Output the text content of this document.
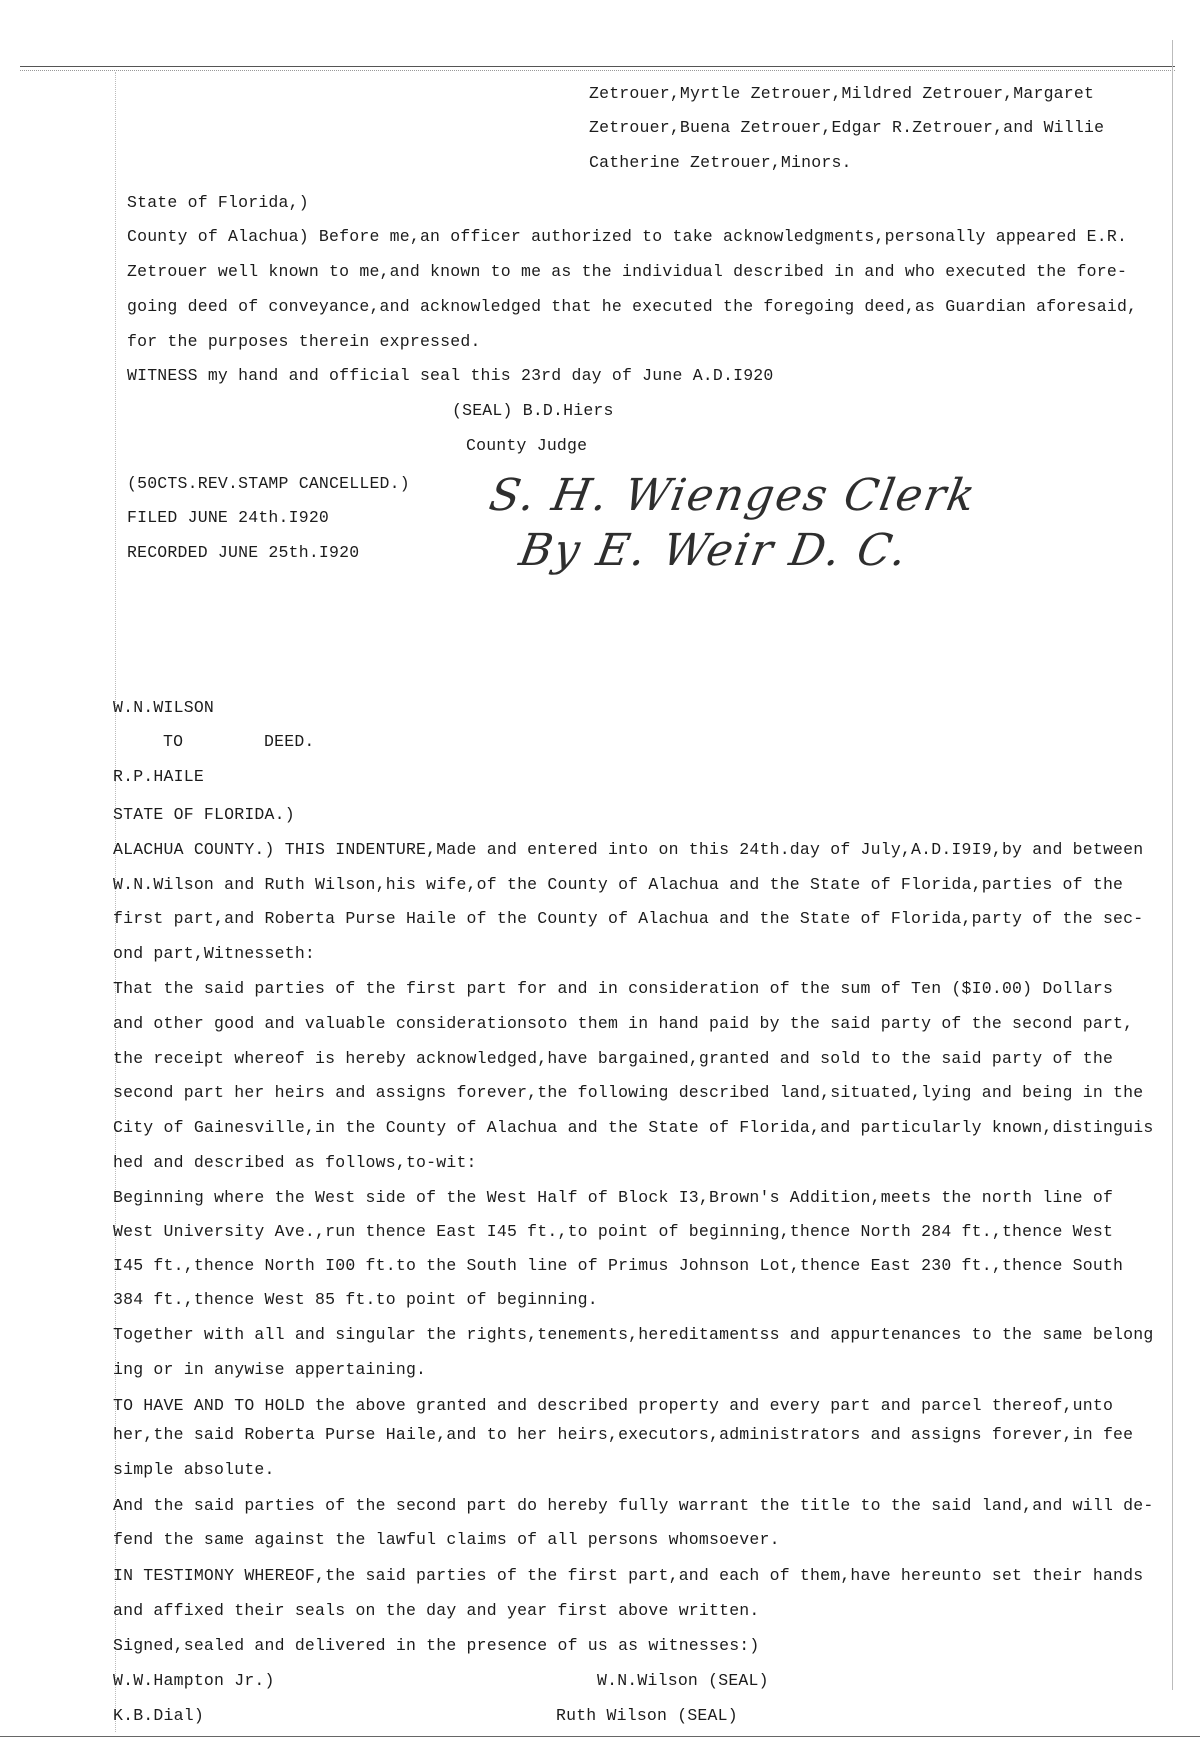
Zetrouer,Myrtle Zetrouer,Mildred Zetrouer,Margaret
Zetrouer,Buena Zetrouer,Edgar R.Zetrouer,and Willie
Catherine Zetrouer,Minors.
State of Florida,)
County of Alachua) Before me,an officer authorized to take acknowledgments,personally appeared E.R.
Zetrouer well known to me,and known to me as the individual described in and who executed the fore-
going deed of conveyance,and acknowledged that he executed the foregoing deed,as Guardian aforesaid,
for the purposes therein expressed.
WITNESS my hand and official seal this 23rd day of June A.D.I920
(SEAL) B.D.Hiers
County Judge
(50CTS.REV.STAMP CANCELLED.)
FILED JUNE 24th.I920
RECORDED JUNE 25th.I920
S. H. Wienges Clerk
By E. Weir D. C.
W.N.WILSON
TO        DEED.
R.P.HAILE
STATE OF FLORIDA.)
ALACHUA COUNTY.) THIS INDENTURE,Made and entered into on this 24th.day of July,A.D.I9I9,by and between
W.N.Wilson and Ruth Wilson,his wife,of the County of Alachua and the State of Florida,parties of the
first part,and Roberta Purse Haile of the County of Alachua and the State of Florida,party of the sec-
ond part,Witnesseth:
That the said parties of the first part for and in consideration of the sum of Ten ($I0.00) Dollars
and other good and valuable considerationsoto them in hand paid by the said party of the second part,
the receipt whereof is hereby acknowledged,have bargained,granted and sold to the said party of the
second part her heirs and assigns forever,the following described land,situated,lying and being in the
City of Gainesville,in the County of Alachua and the State of Florida,and particularly known,distinguis
hed and described as follows,to-wit:
Beginning where the West side of the West Half of Block I3,Brown's Addition,meets the north line of
West University Ave.,run thence East I45 ft.,to point of beginning,thence North 284 ft.,thence West
I45 ft.,thence North I00 ft.to the South line of Primus Johnson Lot,thence East 230 ft.,thence South
384 ft.,thence West 85 ft.to point of beginning.
Together with all and singular the rights,tenements,hereditamentss and appurtenances to the same belong
ing or in anywise appertaining.
TO HAVE AND TO HOLD the above granted and described property and every part and parcel thereof,unto
her,the said Roberta Purse Haile,and to her heirs,executors,administrators and assigns forever,in fee
simple absolute.
And the said parties of the second part do hereby fully warrant the title to the said land,and will de-
fend the same against the lawful claims of all persons whomsoever.
IN TESTIMONY WHEREOF,the said parties of the first part,and each of them,have hereunto set their hands
and affixed their seals on the day and year first above written.
Signed,sealed and delivered in the presence of us as witnesses:)
W.W.Hampton Jr.)	W.N.Wilson (SEAL)
K.B.Dial)	Ruth Wilson (SEAL)
